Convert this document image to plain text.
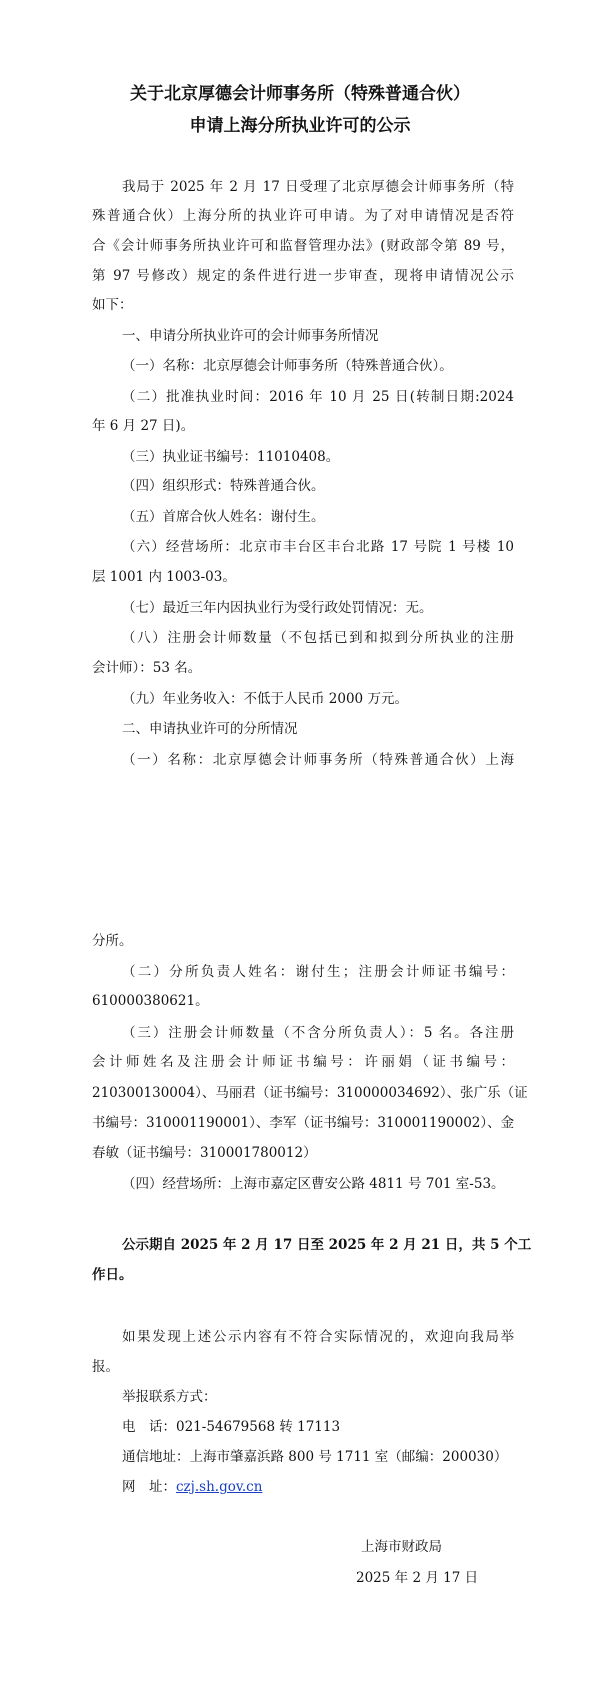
关于北京厚德会计师事务所（特殊普通合伙）
申请上海分所执业许可的公示
我局于 2025 年 2 月 17 日受理了北京厚德会计师事务所（特
殊普通合伙）上海分所的执业许可申请。为了对申请情况是否符
合《会计师事务所执业许可和监督管理办法》(财政部令第 89 号，
第 97 号修改）规定的条件进行进一步审查，现将申请情况公示
如下：
一、申请分所执业许可的会计师事务所情况
（一）名称：北京厚德会计师事务所（特殊普通合伙）。
（二）批准执业时间：2016 年 10 月 25 日(转制日期:2024
年 6 月 27 日)。
（三）执业证书编号：11010408。
（四）组织形式：特殊普通合伙。
（五）首席合伙人姓名：谢付生。
（六）经营场所：北京市丰台区丰台北路 17 号院 1 号楼 10
层 1001 内 1003-03。
（七）最近三年内因执业行为受行政处罚情况：无。
（八）注册会计师数量（不包括已到和拟到分所执业的注册
会计师）：53 名。
（九）年业务收入：不低于人民币 2000 万元。
二、申请执业许可的分所情况
（一）名称：北京厚德会计师事务所（特殊普通合伙）上海
分所。
（二）分所负责人姓名：谢付生；注册会计师证书编号：
610000380621。
（三）注册会计师数量（不含分所负责人）：5 名。各注册
会计师姓名及注册会计师证书编号：许丽娟（证书编号：
210300130004）、马丽君（证书编号：310000034692）、张广乐（证
书编号：310001190001）、李军（证书编号：310001190002）、金
春敏（证书编号：310001780012）
（四）经营场所：上海市嘉定区曹安公路 4811 号 701 室-53。
公示期自 2025 年 2 月 17 日至 2025 年 2 月 21 日，共 5 个工
作日。
如果发现上述公示内容有不符合实际情况的，欢迎向我局举
报。
举报联系方式：
电　话：021-54679568 转 17113
通信地址：上海市肇嘉浜路 800 号 1711 室（邮编：200030）
网　址：czj.sh.gov.cn
上海市财政局
2025 年 2 月 17 日
